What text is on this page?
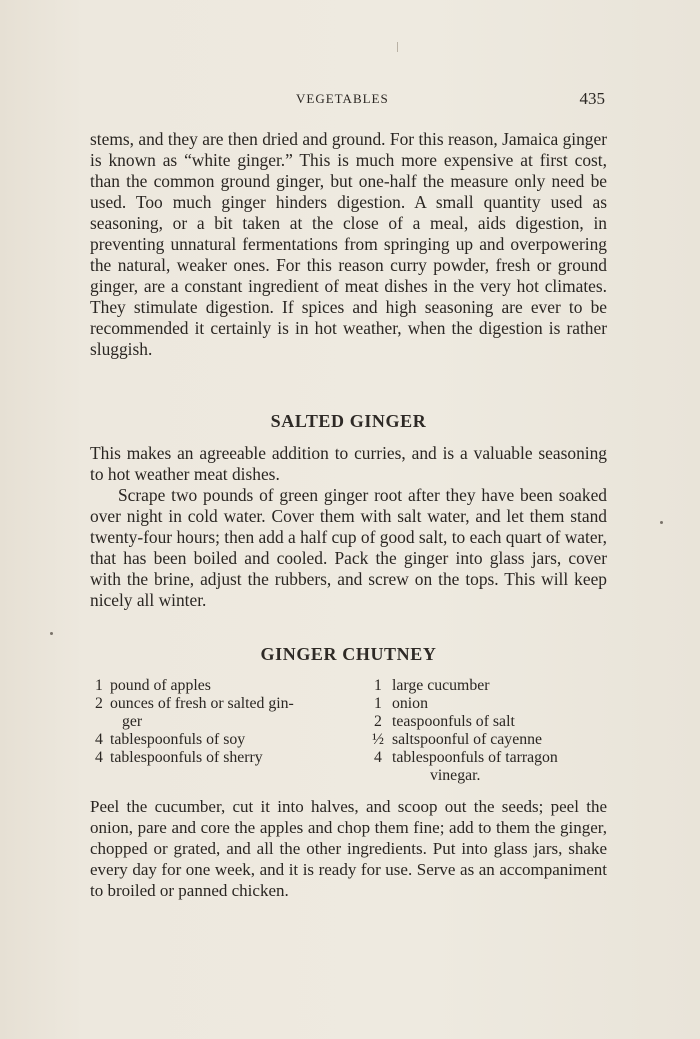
VEGETABLES	435

stems, and they are then dried and ground. For this reason, Jamaica ginger is known as “white ginger.” This is much more expensive at first cost, than the common ground ginger, but one-half the measure only need be used. Too much ginger hinders digestion. A small quantity used as seasoning, or a bit taken at the close of a meal, aids digestion, in preventing unnatural fermentations from springing up and overpowering the natural, weaker ones. For this reason curry powder, fresh or ground ginger, are a constant ingredient of meat dishes in the very hot climates. They stimulate digestion. If spices and high seasoning are ever to be recommended it certainly is in hot weather, when the digestion is rather sluggish.

SALTED GINGER

This makes an agreeable addition to curries, and is a valuable seasoning to hot weather meat dishes.

Scrape two pounds of green ginger root after they have been soaked over night in cold water. Cover them with salt water, and let them stand twenty-four hours; then add a half cup of good salt, to each quart of water, that has been boiled and cooled. Pack the ginger into glass jars, cover with the brine, adjust the rubbers, and screw on the tops. This will keep nicely all winter.

GINGER CHUTNEY
1 pound of apples
2 ounces of fresh or salted gin-
ger
4 tablespoonfuls of soy
4 tablespoonfuls of sherry
1 large cucumber
1 onion
2 teaspoonfuls of salt
½ saltspoonful of cayenne
4 tablespoonfuls of tarragon
vinegar.

Peel the cucumber, cut it into halves, and scoop out the seeds; peel the onion, pare and core the apples and chop them fine; add to them the ginger, chopped or grated, and all the other ingredients. Put into glass jars, shake every day for one week, and it is ready for use. Serve as an accompaniment to broiled or panned chicken.
